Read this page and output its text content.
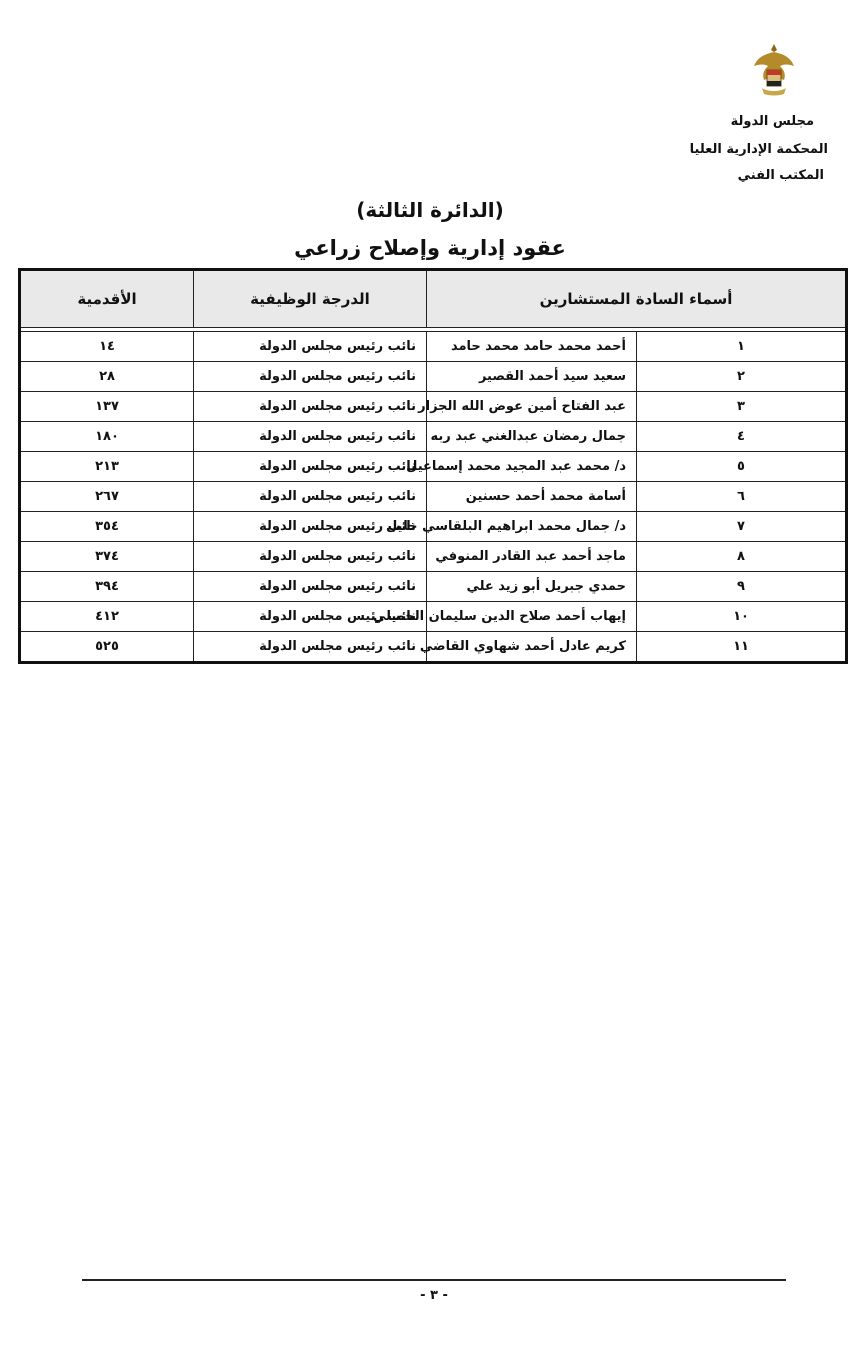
مجلس الدولة
المحكمة الإدارية العليا
المكتب الفني
(الدائرة الثالثة)
عقود إدارية وإصلاح زراعي
أسماء السادة المستشارين		الدرجة الوظيفية	الأقدمية

١	أحمد محمد حامد محمد حامد	نائب رئيس مجلس الدولة	١٤
٢	سعيد سيد أحمد القصير	نائب رئيس مجلس الدولة	٢٨
٣	عبد الفتاح أمين عوض الله الجزار	نائب رئيس مجلس الدولة	١٣٧
٤	جمال رمضان عبدالغني عبد ربه	نائب رئيس مجلس الدولة	١٨٠
٥	د/ محمد عبد المجيد محمد إسماعيل	نائب رئيس مجلس الدولة	٢١٣
٦	أسامة محمد أحمد حسنين	نائب رئيس مجلس الدولة	٢٦٧
٧	د/ جمال محمد ابراهيم البلقاسي خليل	نائب رئيس مجلس الدولة	٣٥٤
٨	ماجد أحمد عبد القادر المنوفي	نائب رئيس مجلس الدولة	٣٧٤
٩	حمدي جبريل أبو زيد علي	نائب رئيس مجلس الدولة	٣٩٤
١٠	إيهاب أحمد صلاح الدين سليمان الحميلي	نائب رئيس مجلس الدولة	٤١٢
١١	كريم عادل أحمد شهاوي القاضي	نائب رئيس مجلس الدولة	٥٢٥
- ٣ -
